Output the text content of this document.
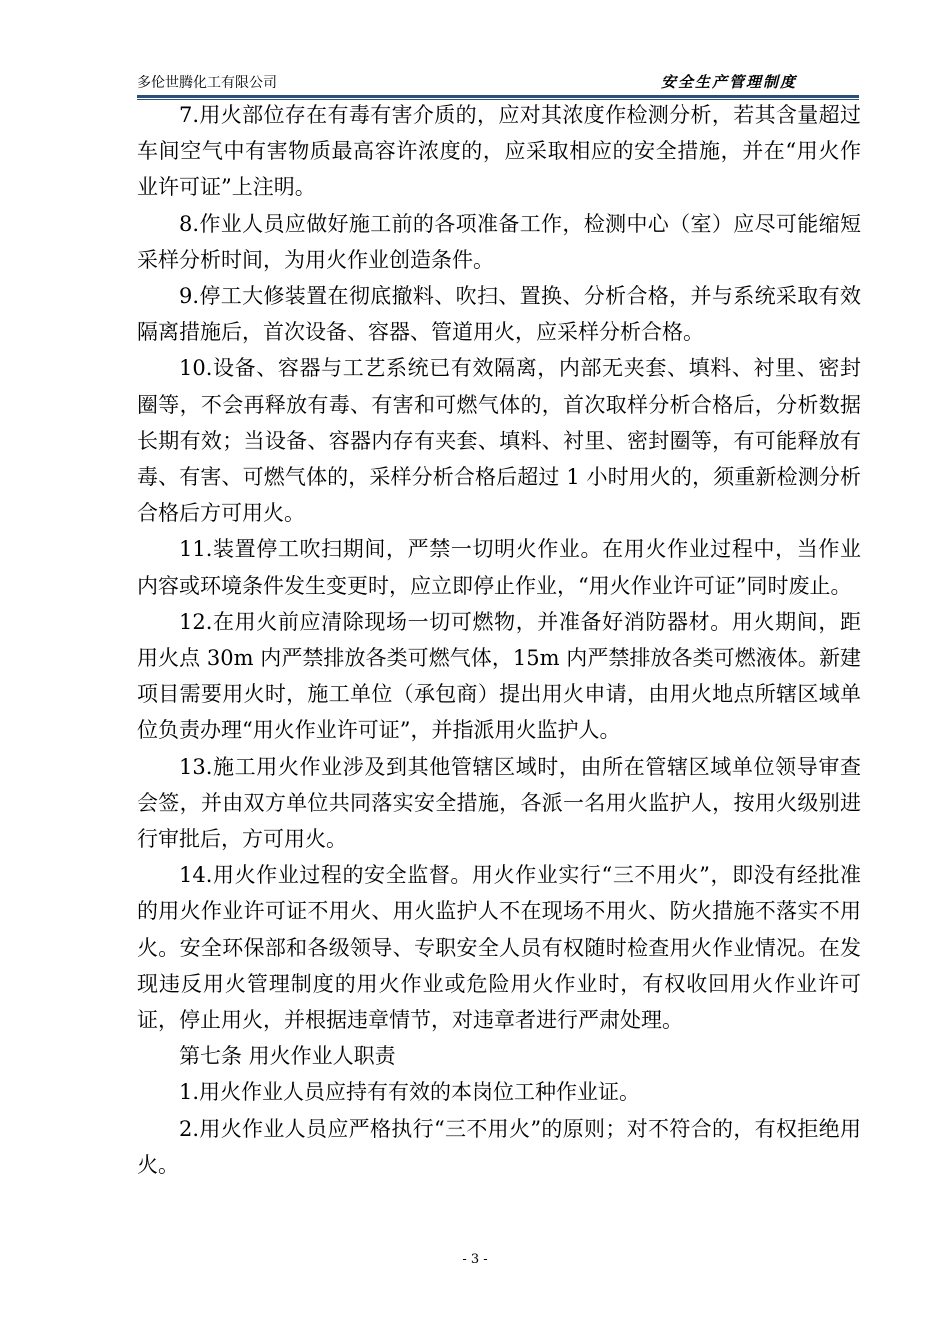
多伦世腾化工有限公司	安全生产管理制度

7.用火部位存在有毒有害介质的，应对其浓度作检测分析，若其含量超过车间空气中有害物质最高容许浓度的，应采取相应的安全措施，并在“用火作业许可证”上注明。

8.作业人员应做好施工前的各项准备工作，检测中心（室）应尽可能缩短采样分析时间，为用火作业创造条件。

9.停工大修装置在彻底撤料、吹扫、置换、分析合格，并与系统采取有效隔离措施后，首次设备、容器、管道用火，应采样分析合格。

10.设备、容器与工艺系统已有效隔离，内部无夹套、填料、衬里、密封圈等，不会再释放有毒、有害和可燃气体的，首次取样分析合格后，分析数据长期有效；当设备、容器内存有夹套、填料、衬里、密封圈等，有可能释放有毒、有害、可燃气体的，采样分析合格后超过 1 小时用火的，须重新检测分析合格后方可用火。

11.装置停工吹扫期间，严禁一切明火作业。在用火作业过程中，当作业内容或环境条件发生变更时，应立即停止作业，“用火作业许可证”同时废止。

12.在用火前应清除现场一切可燃物，并准备好消防器材。用火期间，距用火点 30m 内严禁排放各类可燃气体，15m 内严禁排放各类可燃液体。新建项目需要用火时，施工单位（承包商）提出用火申请，由用火地点所辖区域单位负责办理“用火作业许可证”，并指派用火监护人。

13.施工用火作业涉及到其他管辖区域时，由所在管辖区域单位领导审查会签，并由双方单位共同落实安全措施，各派一名用火监护人，按用火级别进行审批后，方可用火。

14.用火作业过程的安全监督。用火作业实行“三不用火”，即没有经批准的用火作业许可证不用火、用火监护人不在现场不用火、防火措施不落实不用火。安全环保部和各级领导、专职安全人员有权随时检查用火作业情况。在发现违反用火管理制度的用火作业或危险用火作业时，有权收回用火作业许可证，停止用火，并根据违章情节，对违章者进行严肃处理。

第七条 用火作业人职责

1.用火作业人员应持有有效的本岗位工种作业证。

2.用火作业人员应严格执行“三不用火”的原则；对不符合的，有权拒绝用火。

- 3 -
